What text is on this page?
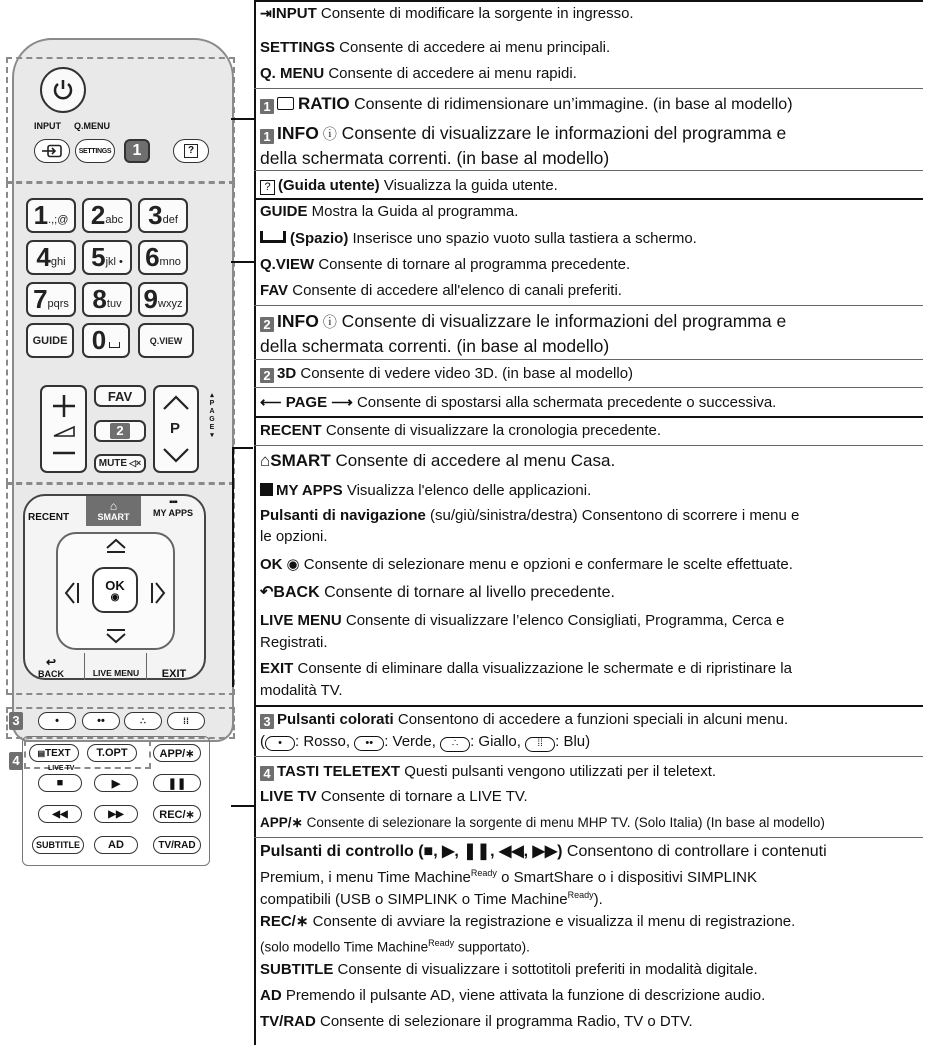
INPUT Q.MENU
SETTINGS	1	?
GUIDE 0	Q.VIEW
FAV
2
MUTE ◁×
P
▴
P
A
G
E
▾
RECENT
⌂
SMART
▪▪▪
MY APPS
OK
◉
↩
BACK	LIVE MENU	EXIT
3	•	••	∴	⁞⁞
4	▤ TEXT	T.OPT	APP/∗
LIVE TV
■	▶	❚❚
◀◀	▶▶	REC/∗
SUBTITLE	AD	TV/RAD
1 .,;@ 2 abc 3 def
4 ghi 5 jkl • 6 mno
7 pqrs 8 tuv 9 wxyz
⇥INPUT Consente di modificare la sorgente in ingresso.
SETTINGS Consente di accedere ai menu principali.
Q. MENU Consente di accedere ai menu rapidi.
1 RATIO Consente di ridimensionare un’immagine. (in base al modello)
1 INFO ⓘ Consente di visualizzare le informazioni del programma e
della schermata correnti. (in base al modello)
? (Guida utente) Visualizza la guida utente.
GUIDE Mostra la Guida al programma.
(Spazio) Inserisce uno spazio vuoto sulla tastiera a schermo.
Q.VIEW Consente di tornare al programma precedente.
FAV Consente di accedere all'elenco di canali preferiti.
2 INFO ⓘ Consente di visualizzare le informazioni del programma e
della schermata correnti. (in base al modello)
2 3D Consente di vedere video 3D. (in base al modello)
⟵ PAGE ⟶ Consente di spostarsi alla schermata precedente o successiva.
RECENT Consente di visualizzare la cronologia precedente.
⌂SMART Consente di accedere al menu Casa.
MY APPS Visualizza l'elenco delle applicazioni.
Pulsanti di navigazione (su/giù/sinistra/destra) Consentono di scorrere i menu e
le opzioni.
OK ◉ Consente di selezionare menu e opzioni e confermare le scelte effettuate.
↶BACK Consente di tornare al livello precedente.
LIVE MENU Consente di visualizzare l’elenco Consigliati, Programma, Cerca e
Registrati.
EXIT Consente di eliminare dalla visualizzazione le schermate e di ripristinare la
modalità TV.
3 Pulsanti colorati Consentono di accedere a funzioni speciali in alcuni menu.
( • : Rosso, •• : Verde, ∴ : Giallo, ⁞⁞ : Blu)
4 TASTI TELETEXT Questi pulsanti vengono utilizzati per il teletext.
LIVE TV Consente di tornare a LIVE TV.
APP/∗ Consente di selezionare la sorgente di menu MHP TV. (Solo Italia) (In base al modello)
Pulsanti di controllo (■, ▶, ❚❚, ◀◀, ▶▶) Consentono di controllare i contenuti
Premium, i menu Time Machine$^{Ready}$ o SmartShare o i dispositivi SIMPLINK
compatibili (USB o SIMPLINK o Time Machine$^{Ready}$).
REC/∗ Consente di avviare la registrazione e visualizza il menu di registrazione.
(solo modello Time Machine$^{Ready}$ supportato).
SUBTITLE Consente di visualizzare i sottotitoli preferiti in modalità digitale.
AD Premendo il pulsante AD, viene attivata la funzione di descrizione audio.
TV/RAD Consente di selezionare il programma Radio, TV o DTV.
